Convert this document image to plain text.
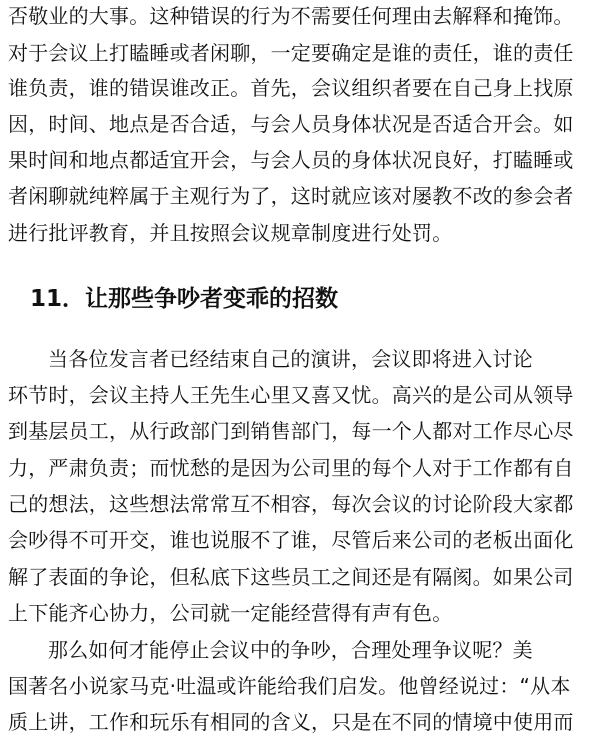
否敬业的大事。这种错误的行为不需要任何理由去解释和掩饰。
对于会议上打瞌睡或者闲聊，一定要确定是谁的责任，谁的责任
谁负责，谁的错误谁改正。首先，会议组织者要在自己身上找原
因，时间、地点是否合适，与会人员身体状况是否适合开会。如
果时间和地点都适宜开会，与会人员的身体状况良好，打瞌睡或
者闲聊就纯粹属于主观行为了，这时就应该对屡教不改的参会者
进行批评教育，并且按照会议规章制度进行处罚。
11．让那些争吵者变乖的招数
当各位发言者已经结束自己的演讲，会议即将进入讨论
环节时，会议主持人王先生心里又喜又忧。高兴的是公司从领导
到基层员工，从行政部门到销售部门，每一个人都对工作尽心尽
力，严肃负责；而忧愁的是因为公司里的每个人对于工作都有自
己的想法，这些想法常常互不相容，每次会议的讨论阶段大家都
会吵得不可开交，谁也说服不了谁，尽管后来公司的老板出面化
解了表面的争论，但私底下这些员工之间还是有隔阂。如果公司
上下能齐心协力，公司就一定能经营得有声有色。
那么如何才能停止会议中的争吵，合理处理争议呢？美
国著名小说家马克·吐温或许能给我们启发。他曾经说过：“从本
质上讲，工作和玩乐有相同的含义，只是在不同的情境中使用而
